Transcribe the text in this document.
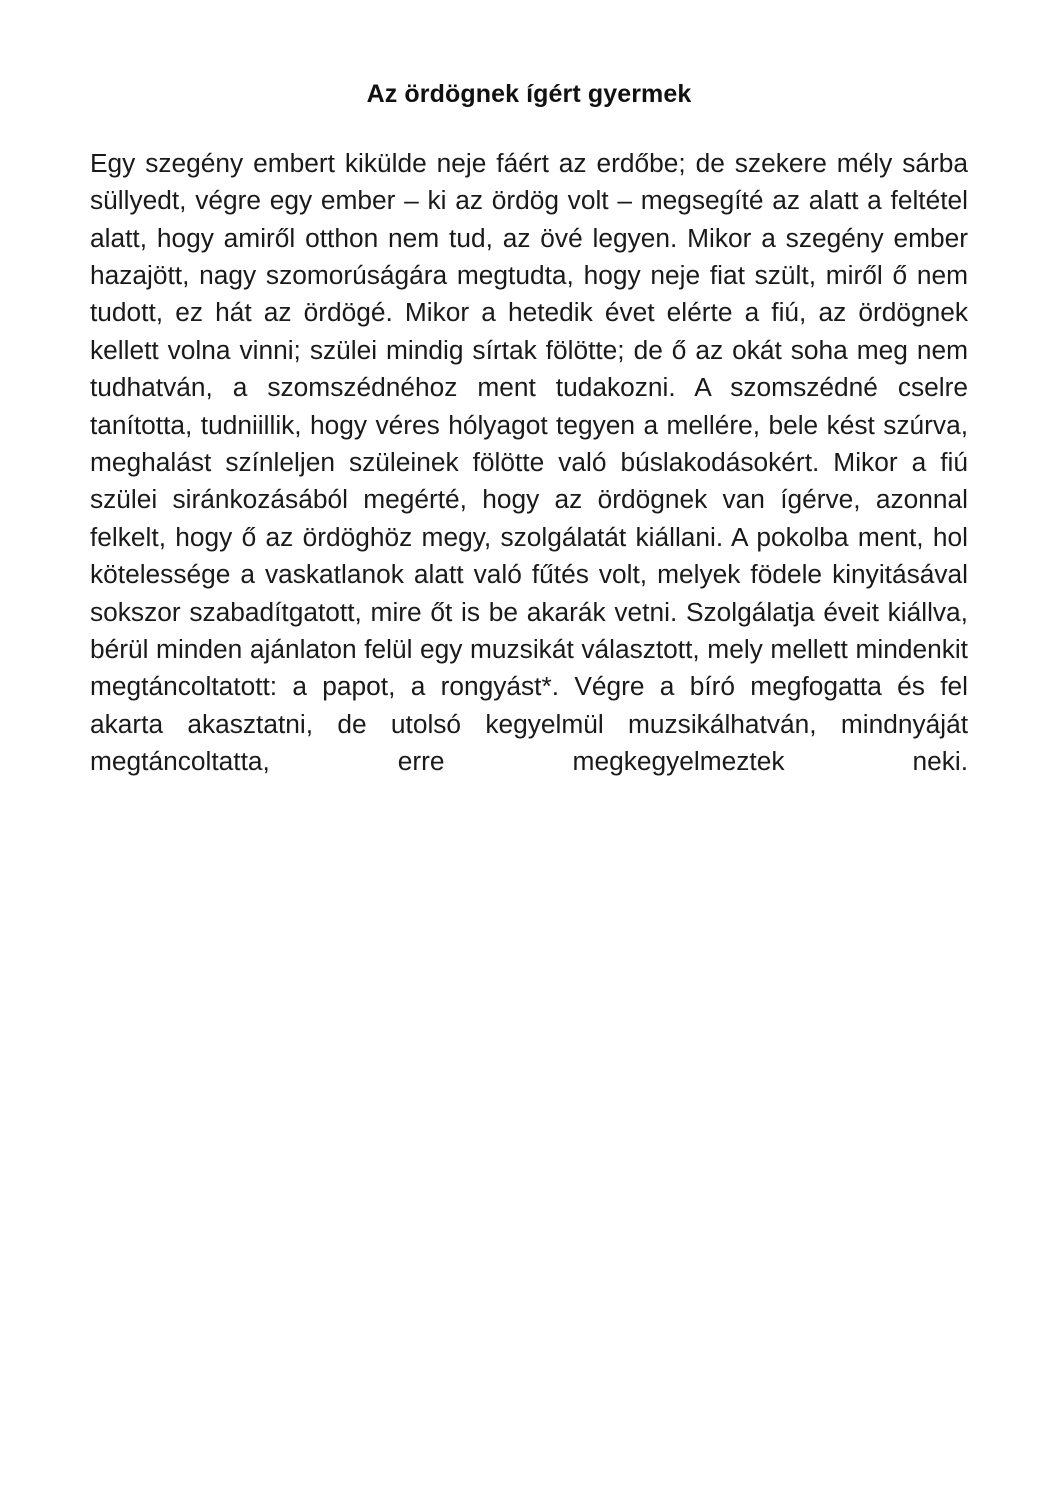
Az ördögnek ígért gyermek

Egy szegény embert kikülde neje fáért az erdőbe; de szekere mély sárba süllyedt, végre egy ember – ki az ördög volt – megsegíté az alatt a feltétel alatt, hogy amiről otthon nem tud, az övé legyen. Mikor a szegény ember hazajött, nagy szomorúságára megtudta, hogy neje fiat szült, miről ő nem tudott, ez hát az ördögé. Mikor a hetedik évet elérte a fiú, az ördögnek kellett volna vinni; szülei mindig sírtak fölötte; de ő az okát soha meg nem tudhatván, a szomszédnéhoz ment tudakozni. A szomszédné cselre tanította, tudniillik, hogy véres hólyagot tegyen a mellére, bele kést szúrva, meghalást színleljen szüleinek fölötte való búslakodásokért. Mikor a fiú szülei siránkozásából megérté, hogy az ördögnek van ígérve, azonnal felkelt, hogy ő az ördöghöz megy, szolgálatát kiállani. A pokolba ment, hol kötelessége a vaskatlanok alatt való fűtés volt, melyek födele kinyitásával sokszor szabadítgatott, mire őt is be akarák vetni. Szolgálatja éveit kiállva, bérül minden ajánlaton felül egy muzsikát választott, mely mellett mindenkit megtáncoltatott: a papot, a rongyást*. Végre a bíró megfogatta és fel akarta akasztatni, de utolsó kegyelmül muzsikálhatván, mindnyáját megtáncoltatta, erre megkegyelmeztek neki.
